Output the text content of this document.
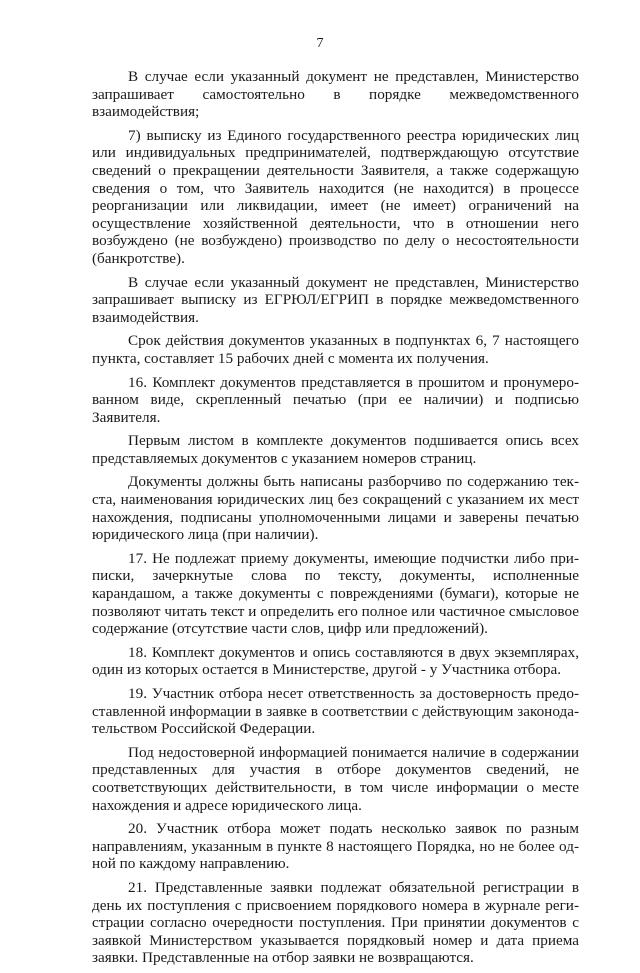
7

В случае если указанный документ не представлен, Министерство запрашивает самостоятельно в порядке межведомственного взаимодействия;

7) выписку из Единого государственного реестра юридических лиц или индивидуальных предпринимателей, подтверждающую отсутствие сведений о прекращении деятельности Заявителя, а также содержащую сведения о том, что Заявитель находится (не находится) в процессе реорганизации или ликвидации, имеет (не имеет) ограничений на осуществление хозяйственной деятельности, что в отношении него возбуждено (не возбуждено) производство по делу о несостоятельности (банкротстве).

В случае если указанный документ не представлен, Министерство запрашивает выписку из ЕГРЮЛ/ЕГРИП в порядке межведомственного взаимодействия.

Срок действия документов указанных в подпунктах 6, 7 настоящего пункта, составляет 15 рабочих дней с момента их получения.

16. Комплект документов представляется в прошитом и пронумерованном виде, скрепленный печатью (при ее наличии) и подписью Заявителя.

Первым листом в комплекте документов подшивается опись всех представляемых документов с указанием номеров страниц.

Документы должны быть написаны разборчиво по содержанию текста, наименования юридических лиц без сокращений с указанием их мест нахождения, подписаны уполномоченными лицами и заверены печатью юридического лица (при наличии).

17. Не подлежат приему документы, имеющие подчистки либо приписки, зачеркнутые слова по тексту, документы, исполненные карандашом, а также документы с повреждениями (бумаги), которые не позволяют читать текст и определить его полное или частичное смысловое содержание (отсутствие части слов, цифр или предложений).

18. Комплект документов и опись составляются в двух экземплярах, один из которых остается в Министерстве, другой - у Участника отбора.

19. Участник отбора несет ответственность за достоверность предоставленной информации в заявке в соответствии с действующим законодательством Российской Федерации.

Под недостоверной информацией понимается наличие в содержании представленных для участия в отборе документов сведений, не соответствующих действительности, в том числе информации о месте нахождения и адресе юридического лица.

20. Участник отбора может подать несколько заявок по разным направлениям, указанным в пункте 8 настоящего Порядка, но не более одной по каждому направлению.

21. Представленные заявки подлежат обязательной регистрации в день их поступления с присвоением порядкового номера в журнале регистрации согласно очередности поступления. При принятии документов с заявкой Министерством указывается порядковый номер и дата приема заявки. Представленные на отбор заявки не возвращаются.
